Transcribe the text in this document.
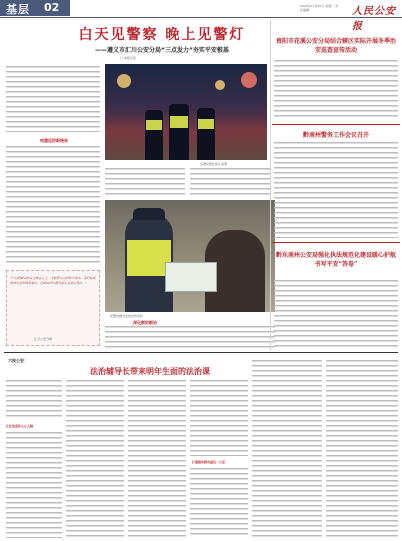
基层 02	2020年11月30日 星期一 责任编辑：	人民公安报
白天见警察 晚上见警灯
——遵义市汇川公安分局“三点发力”夯实平安根基
□ 本报记者
构建巡防新格局
巡逻民警在街头巡逻
民警向群众发放宣传资料
深化群防群治
“只有把群众的安全放在心上，才能把平安的根基夯实。我们将持续深化巡防体系建设，让群众切实感受到安全就在身边。”
汇川公安分局
贵阳市花溪公安分局结合辖区实际开展冬季治安巡查宣传活动
黔南州警务工作会议召开
黔东南州公安局强化执法规范化建设暖心护航书写平安“答卷”
六枝公安：
法治辅导长带来明年生面的法治课
让法治宣传入心入脑
打通服务群众最后一公里
